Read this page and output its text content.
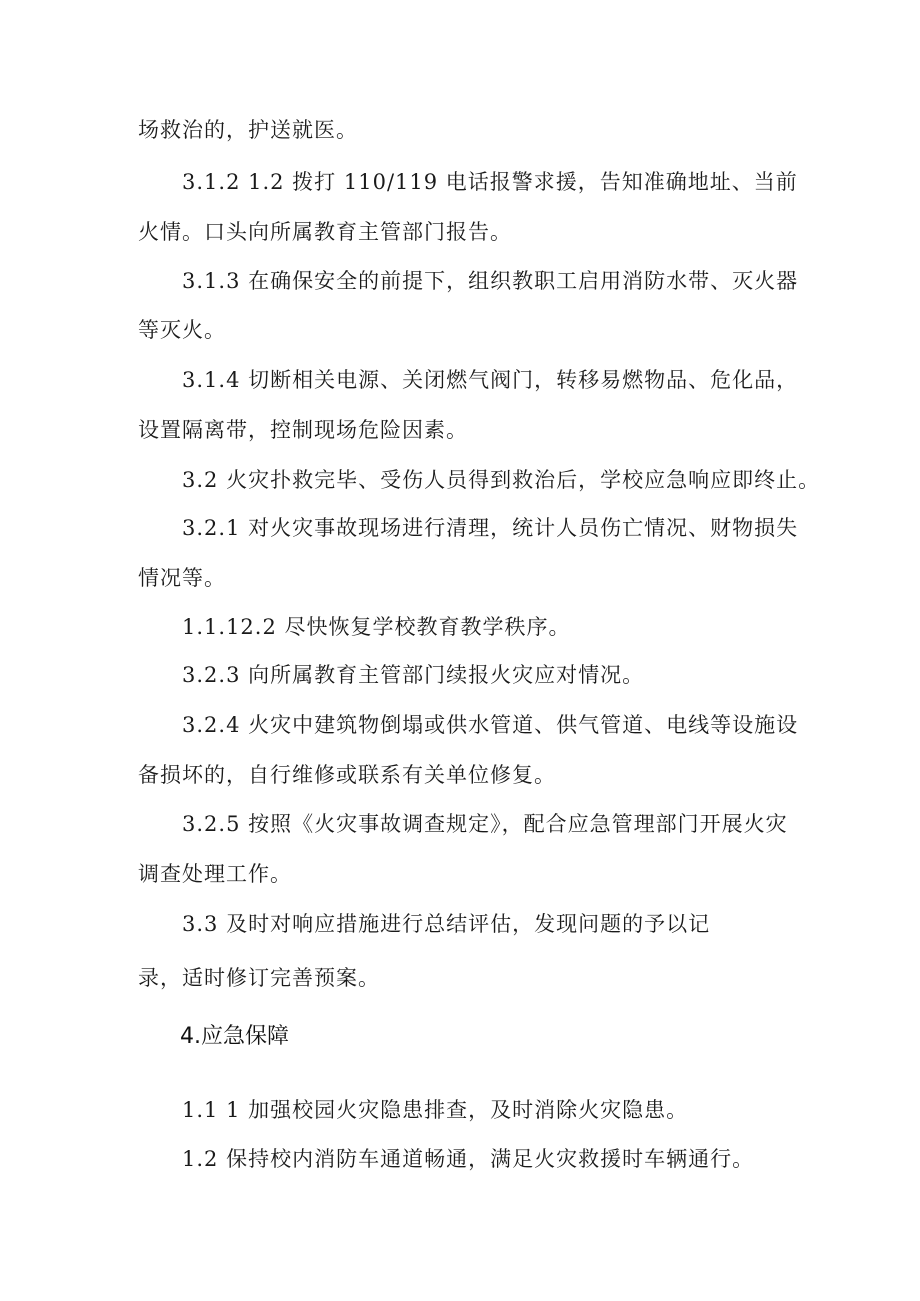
场救治的，护送就医。
3.1.2 1.2 拨打 110/119 电话报警求援，告知准确地址、当前
火情。口头向所属教育主管部门报告。
3.1.3 在确保安全的前提下，组织教职工启用消防水带、灭火器
等灭火。
3.1.4 切断相关电源、关闭燃气阀门，转移易燃物品、危化品，
设置隔离带，控制现场危险因素。
3.2 火灾扑救完毕、受伤人员得到救治后，学校应急响应即终止。
3.2.1 对火灾事故现场进行清理，统计人员伤亡情况、财物损失
情况等。
1.1.12.2 尽快恢复学校教育教学秩序。
3.2.3 向所属教育主管部门续报火灾应对情况。
3.2.4 火灾中建筑物倒塌或供水管道、供气管道、电线等设施设
备损坏的，自行维修或联系有关单位修复。
3.2.5 按照《火灾事故调查规定》，配合应急管理部门开展火灾
调查处理工作。
3.3 及时对响应措施进行总结评估，发现问题的予以记
录，适时修订完善预案。
4.应急保障
1.1 1 加强校园火灾隐患排查，及时消除火灾隐患。
1.2 保持校内消防车通道畅通，满足火灾救援时车辆通行。
